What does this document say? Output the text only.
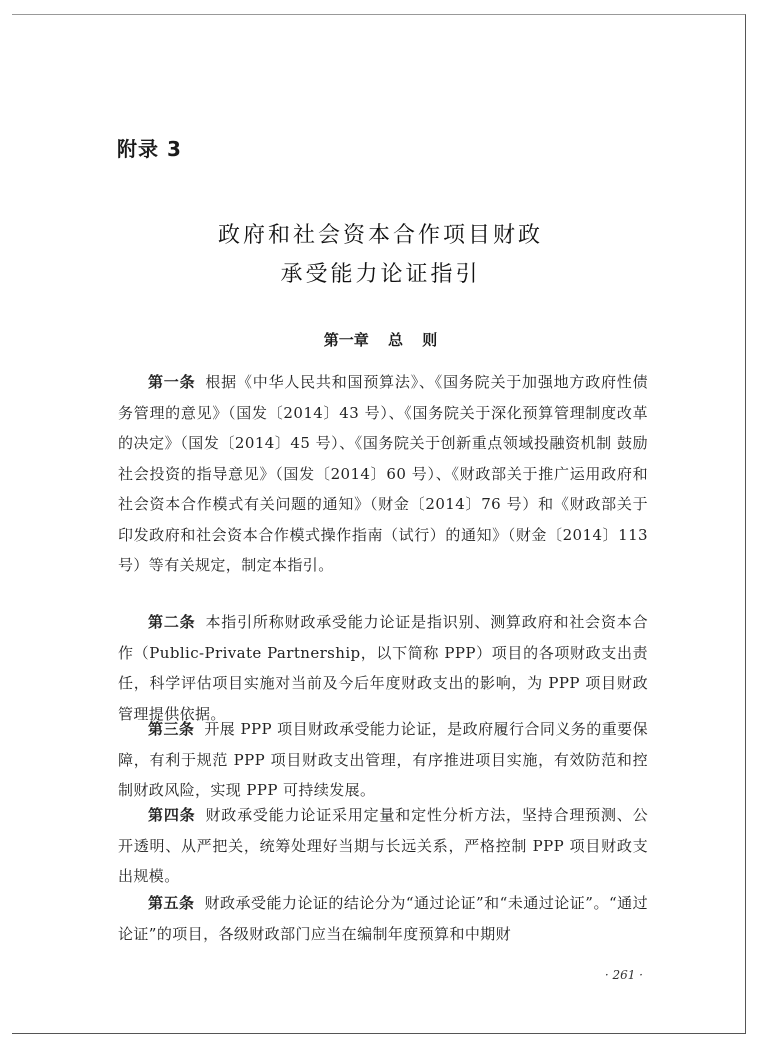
附录 3
政府和社会资本合作项目财政
承受能力论证指引
第一章 总 则

第一条 根据《中华人民共和国预算法》、《国务院关于加强地方政府性债务管理的意见》（国发〔2014〕43 号）、《国务院关于深化预算管理制度改革的决定》（国发〔2014〕45 号）、《国务院关于创新重点领域投融资机制 鼓励社会投资的指导意见》（国发〔2014〕60 号）、《财政部关于推广运用政府和社会资本合作模式有关问题的通知》（财金〔2014〕76 号）和《财政部关于印发政府和社会资本合作模式操作指南（试行）的通知》（财金〔2014〕113 号）等有关规定，制定本指引。

第二条 本指引所称财政承受能力论证是指识别、测算政府和社会资本合作（Public-Private Partnership，以下简称 PPP）项目的各项财政支出责任，科学评估项目实施对当前及今后年度财政支出的影响，为 PPP 项目财政管理提供依据。

第三条 开展 PPP 项目财政承受能力论证，是政府履行合同义务的重要保障，有利于规范 PPP 项目财政支出管理，有序推进项目实施，有效防范和控制财政风险，实现 PPP 可持续发展。

第四条 财政承受能力论证采用定量和定性分析方法，坚持合理预测、公开透明、从严把关，统筹处理好当期与长远关系，严格控制 PPP 项目财政支出规模。

第五条 财政承受能力论证的结论分为“通过论证”和“未通过论证”。“通过论证”的项目，各级财政部门应当在编制年度预算和中期财

· 261 ·
